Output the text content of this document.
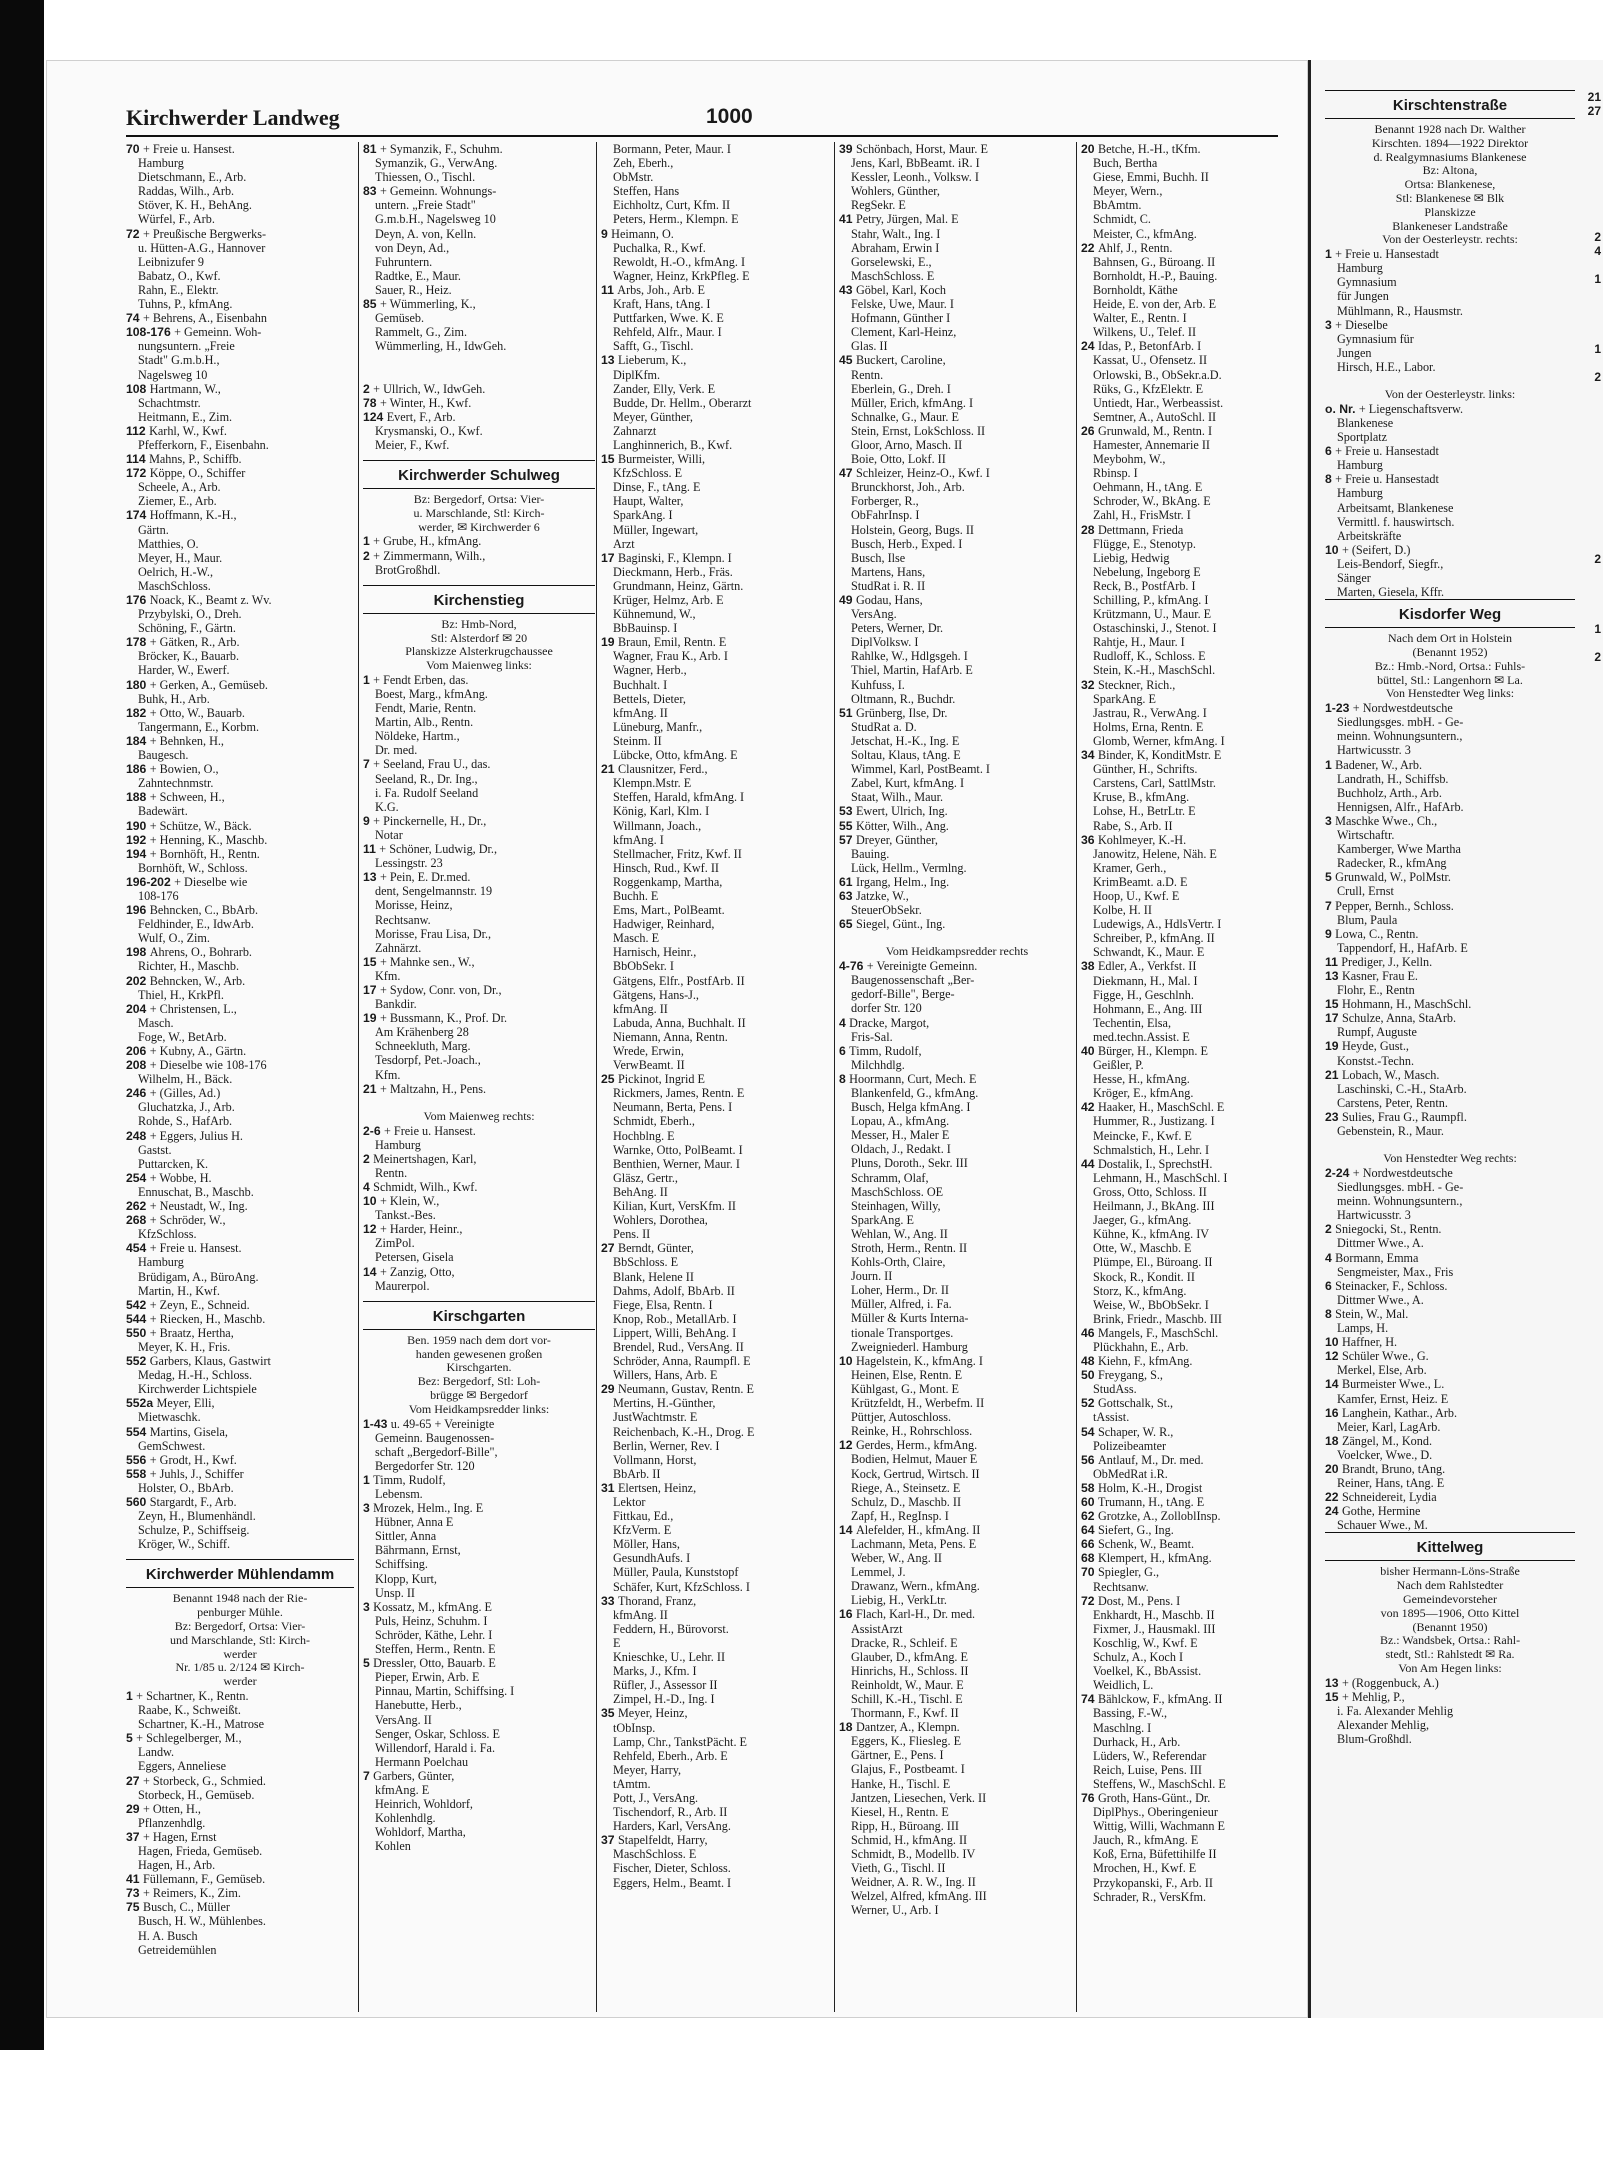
Kirchwerder Landweg	1000
70 + Freie u. Hansest.
Hamburg
Dietschmann, E., Arb.
Raddas, Wilh., Arb.
Stöver, K. H., BehAng.
Würfel, F., Arb.
72 + Preußische Bergwerks-
u. Hütten-A.G., Hannover
Leibnizufer 9
Babatz, O., Kwf.
Rahn, E., Elektr.
Tuhns, P., kfmAng.
74 + Behrens, A., Eisenbahn
108-176 + Gemeinn. Woh-
nungsuntern. „Freie
Stadt" G.m.b.H.,
Nagelsweg 10
108 Hartmann, W.,
Schachtmstr.
Heitmann, E., Zim.
112 Karhl, W., Kwf.
Pfefferkorn, F., Eisenbahn.
114 Mahns, P., Schiffb.
172 Köppe, O., Schiffer
Scheele, A., Arb.
Ziemer, E., Arb.
174 Hoffmann, K.-H.,
Gärtn.
Matthies, O.
Meyer, H., Maur.
Oelrich, H.-W.,
MaschSchloss.
176 Noack, K., Beamt z. Wv.
Przybylski, O., Dreh.
Schöning, F., Gärtn.
178 + Gätken, R., Arb.
Bröcker, K., Bauarb.
Harder, W., Ewerf.
180 + Gerken, A., Gemüseb.
Buhk, H., Arb.
182 + Otto, W., Bauarb.
Tangermann, E., Korbm.
184 + Behnken, H.,
Baugesch.
186 + Bowien, O.,
Zahntechnmstr.
188 + Schween, H.,
Badewärt.
190 + Schütze, W., Bäck.
192 + Henning, K., Maschb.
194 + Bornhöft, H., Rentn.
Bornhöft, W., Schloss.
196-202 + Dieselbe wie
108-176
196 Behncken, C., BbArb.
Feldhinder, E., IdwArb.
Wulf, O., Zim.
198 Ahrens, O., Bohrarb.
Richter, H., Maschb.
202 Behncken, W., Arb.
Thiel, H., KrkPfl.
204 + Christensen, L.,
Masch.
Foge, W., BetArb.
206 + Kubny, A., Gärtn.
208 + Dieselbe wie 108-176
Wilhelm, H., Bäck.
246 + (Gilles, Ad.)
Gluchatzka, J., Arb.
Rohde, S., HafArb.
248 + Eggers, Julius H.
Gastst.
Puttarcken, K.
254 + Wobbe, H.
Ennuschat, B., Maschb.
262 + Neustadt, W., Ing.
268 + Schröder, W.,
KfzSchloss.
454 + Freie u. Hansest.
Hamburg
Brüdigam, A., BüroAng.
Martin, H., Kwf.
542 + Zeyn, E., Schneid.
544 + Riecken, H., Maschb.
550 + Braatz, Hertha,
Meyer, K. H., Fris.
552 Garbers, Klaus, Gastwirt
Medag, H.-H., Schloss.
Kirchwerder Lichtspiele
552a Meyer, Elli,
Mietwaschk.
554 Martins, Gisela,
GemSchwest.
556 + Grodt, H., Kwf.
558 + Juhls, J., Schiffer
Holster, O., BbArb.
560 Stargardt, F., Arb.
Zeyn, H., Blumenhändl.
Schulze, P., Schiffseig.
Kröger, W., Schiff.
Kirchwerder Mühlendamm
Benannt 1948 nach der Rie-
penburger Mühle.
Bz: Bergedorf, Ortsa: Vier-
und Marschlande, Stl: Kirch-
werder
Nr. 1/85 u. 2/124 ✉ Kirch-
werder
1 + Schartner, K., Rentn.
Raabe, K., Schweißt.
Schartner, K.-H., Matrose
5 + Schlegelberger, M.,
Landw.
Eggers, Anneliese
27 + Storbeck, G., Schmied.
Storbeck, H., Gemüseb.
29 + Otten, H.,
Pflanzenhdlg.
37 + Hagen, Ernst
Hagen, Frieda, Gemüseb.
Hagen, H., Arb.
41 Füllemann, F., Gemüseb.
73 + Reimers, K., Zim.
75 Busch, C., Müller
Busch, H. W., Mühlenbes.
H. A. Busch
Getreidemühlen
81 + Symanzik, F., Schuhm.
Symanzik, G., VerwAng.
Thiessen, O., Tischl.
83 + Gemeinn. Wohnungs-
untern. „Freie Stadt"
G.m.b.H., Nagelsweg 10
Deyn, A. von, Kelln.
von Deyn, Ad.,
Fuhruntern.
Radtke, E., Maur.
Sauer, R., Heiz.
85 + Wümmerling, K.,
Gemüseb.
Rammelt, G., Zim.
Wümmerling, H., IdwGeh.

2 + Ullrich, W., IdwGeh.
78 + Winter, H., Kwf.
124 Evert, F., Arb.
Krysmanski, O., Kwf.
Meier, F., Kwf.
Kirchwerder Schulweg
Bz: Bergedorf, Ortsa: Vier-
u. Marschlande, Stl: Kirch-
werder, ✉ Kirchwerder 6
1 + Grube, H., kfmAng.
2 + Zimmermann, Wilh.,
BrotGroßhdl.
Kirchenstieg
Bz: Hmb-Nord,
Stl: Alsterdorf ✉ 20
Planskizze Alsterkrugchaussee
Vom Maienweg links:
1 + Fendt Erben, das.
Boest, Marg., kfmAng.
Fendt, Marie, Rentn.
Martin, Alb., Rentn.
Nöldeke, Hartm.,
Dr. med.
7 + Seeland, Frau U., das.
Seeland, R., Dr. Ing.,
i. Fa. Rudolf Seeland
K.G.
9 + Pinckernelle, H., Dr.,
Notar
11 + Schöner, Ludwig, Dr.,
Lessingstr. 23
13 + Pein, E. Dr.med.
dent, Sengelmannstr. 19
Morisse, Heinz,
Rechtsanw.
Morisse, Frau Lisa, Dr.,
Zahnärzt.
15 + Mahnke sen., W.,
Kfm.
17 + Sydow, Conr. von, Dr.,
Bankdir.
19 + Bussmann, K., Prof. Dr.
Am Krähenberg 28
Schneekluth, Marg.
Tesdorpf, Pet.-Joach.,
Kfm.
21 + Maltzahn, H., Pens.

Vom Maienweg rechts:
2-6 + Freie u. Hansest.
Hamburg
2 Meinertshagen, Karl,
Rentn.
4 Schmidt, Wilh., Kwf.
10 + Klein, W.,
Tankst.-Bes.
12 + Harder, Heinr.,
ZimPol.
Petersen, Gisela
14 + Zanzig, Otto,
Maurerpol.
Kirschgarten
Ben. 1959 nach dem dort vor-
handen gewesenen großen
Kirschgarten.
Bez: Bergedorf, Stl: Loh-
brügge ✉ Bergedorf
Vom Heidkampsredder links:
1-43 u. 49-65 + Vereinigte
Gemeinn. Baugenossen-
schaft „Bergedorf-Bille",
Bergedorfer Str. 120
1 Timm, Rudolf,
Lebensm.
3 Mrozek, Helm., Ing. E
Hübner, Anna E
Sittler, Anna
Bährmann, Ernst,
Schiffsing.
Klopp, Kurt,
Unsp. II
3 Kossatz, M., kfmAng. E
Puls, Heinz, Schuhm. I
Schröder, Käthe, Lehr. I
Steffen, Herm., Rentn. E
5 Dressler, Otto, Bauarb. E
Pieper, Erwin, Arb. E
Pinnau, Martin, Schiffsing. I
Hanebutte, Herb.,
VersAng. II
Senger, Oskar, Schloss. E
Willendorf, Harald i. Fa.
Hermann Poelchau
7 Garbers, Günter,
kfmAng. E
Heinrich, Wohldorf,
Kohlenhdlg.
Wohldorf, Martha,
Kohlen
Bormann, Peter, Maur. I
Zeh, Eberh.,
ObMstr.
Steffen, Hans
Eichholtz, Curt, Kfm. II
Peters, Herm., Klempn. E
9 Heimann, O.
Puchalka, R., Kwf.
Rewoldt, H.-O., kfmAng. I
Wagner, Heinz, KrkPfleg. E
11 Arbs, Joh., Arb. E
Kraft, Hans, tAng. I
Puttfarken, Wwe. K. E
Rehfeld, Alfr., Maur. I
Safft, G., Tischl.
13 Lieberum, K.,
DiplKfm.
Zander, Elly, Verk. E
Budde, Dr. Hellm., Oberarzt
Meyer, Günther,
Zahnarzt
Langhinnerich, B., Kwf.
15 Burmeister, Willi,
KfzSchloss. E
Dinse, F., tAng. E
Haupt, Walter,
SparkAng. I
Müller, Ingewart,
Arzt
17 Baginski, F., Klempn. I
Dieckmann, Herb., Fräs.
Grundmann, Heinz, Gärtn.
Krüger, Helmz, Arb. E
Kühnemund, W.,
BbBauinsp. I
19 Braun, Emil, Rentn. E
Wagner, Frau K., Arb. I
Wagner, Herb.,
Buchhalt. I
Bettels, Dieter,
kfmAng. II
Lüneburg, Manfr.,
Steinm. II
Lübcke, Otto, kfmAng. E
21 Clausnitzer, Ferd.,
Klempn.Mstr. E
Steffen, Harald, kfmAng. I
König, Karl, Klm. I
Willmann, Joach.,
kfmAng. I
Stellmacher, Fritz, Kwf. II
Hinsch, Rud., Kwf. II
Roggenkamp, Martha,
Buchh. E
Ems, Mart., PolBeamt.
Hadwiger, Reinhard,
Masch. E
Harnisch, Heinr.,
BbObSekr. I
Gätgens, Elfr., PostfArb. II
Gätgens, Hans-J.,
kfmAng. II
Labuda, Anna, Buchhalt. II
Niemann, Anna, Rentn.
Wrede, Erwin,
VerwBeamt. II
25 Pickinot, Ingrid E
Rickmers, James, Rentn. E
Neumann, Berta, Pens. I
Schmidt, Eberh.,
Hochblng. E
Warnke, Otto, PolBeamt. I
Benthien, Werner, Maur. I
Gläsz, Gertr.,
BehAng. II
Kilian, Kurt, VersKfm. II
Wohlers, Dorothea,
Pens. II
27 Berndt, Günter,
BbSchloss. E
Blank, Helene II
Dahms, Adolf, BbArb. II
Fiege, Elsa, Rentn. I
Knop, Rob., MetallArb. I
Lippert, Willi, BehAng. I
Brendel, Rud., VersAng. II
Schröder, Anna, Raumpfl. E
Willers, Hans, Arb. E
29 Neumann, Gustav, Rentn. E
Mertins, H.-Günther,
JustWachtmstr. E
Reichenbach, K.-H., Drog. E
Berlin, Werner, Rev. I
Vollmann, Horst,
BbArb. II
31 Elertsen, Heinz,
Lektor
Fittkau, Ed.,
KfzVerm. E
Möller, Hans,
GesundhAufs. I
Müller, Paula, Kunststopf
Schäfer, Kurt, KfzSchloss. I
33 Thorand, Franz,
kfmAng. II
Feddern, H., Bürovorst.
E
Knieschke, U., Lehr. II
Marks, J., Kfm. I
Rüfler, J., Assessor II
Zimpel, H.-D., Ing. I
35 Meyer, Heinz,
tObInsp.
Lamp, Chr., TankstPächt. E
Rehfeld, Eberh., Arb. E
Meyer, Harry,
tAmtm.
Pott, J., VersAng.
Tischendorf, R., Arb. II
Harders, Karl, VersAng.
37 Stapelfeldt, Harry,
MaschSchloss. E
Fischer, Dieter, Schloss.
Eggers, Helm., Beamt. I
39 Schönbach, Horst, Maur. E
Jens, Karl, BbBeamt. iR. I
Kessler, Leonh., Volksw. I
Wohlers, Günther,
RegSekr. E
41 Petry, Jürgen, Mal. E
Stahr, Walt., Ing. I
Abraham, Erwin I
Gorselewski, E.,
MaschSchloss. E
43 Göbel, Karl, Koch
Felske, Uwe, Maur. I
Hofmann, Günther I
Clement, Karl-Heinz,
Glas. II
45 Buckert, Caroline,
Rentn.
Eberlein, G., Dreh. I
Müller, Erich, kfmAng. I
Schnalke, G., Maur. E
Stein, Ernst, LokSchloss. II
Gloor, Arno, Masch. II
Boie, Otto, Lokf. II
47 Schleizer, Heinz-O., Kwf. I
Brunckhorst, Joh., Arb.
Forberger, R.,
ObFahrInsp. I
Holstein, Georg, Bugs. II
Busch, Herb., Exped. I
Busch, Ilse
Martens, Hans,
StudRat i. R. II
49 Godau, Hans,
VersAng.
Peters, Werner, Dr.
DiplVolksw. I
Rahlke, W., Hdlgsgeh. I
Thiel, Martin, HafArb. E
Kuhfuss, I.
Oltmann, R., Buchdr.
51 Grünberg, Ilse, Dr.
StudRat a. D.
Jetschat, H.-K., Ing. E
Soltau, Klaus, tAng. E
Wimmel, Karl, PostBeamt. I
Zabel, Kurt, kfmAng. I
Staat, Wilh., Maur.
53 Ewert, Ulrich, Ing.
55 Kötter, Wilh., Ang.
57 Dreyer, Günther,
Bauing.
Lück, Hellm., Vermlng.
61 Irgang, Helm., Ing.
63 Jatzke, W.,
SteuerObSekr.
65 Siegel, Günt., Ing.

Vom Heidkampsredder rechts
4-76 + Vereinigte Gemeinn.
Baugenossenschaft „Ber-
gedorf-Bille", Berge-
dorfer Str. 120
4 Dracke, Margot,
Fris-Sal.
6 Timm, Rudolf,
Milchhdlg.
8 Hoormann, Curt, Mech. E
Blankenfeld, G., kfmAng.
Busch, Helga kfmAng. I
Lopau, A., kfmAng.
Messer, H., Maler E
Oldach, J., Redakt. I
Pluns, Doroth., Sekr. III
Schramm, Olaf,
MaschSchloss. OE
Steinhagen, Willy,
SparkAng. E
Wehlan, W., Ang. II
Stroth, Herm., Rentn. II
Kohls-Orth, Claire,
Journ. II
Loher, Herm., Dr. II
Müller, Alfred, i. Fa.
Müller & Kurts Interna-
tionale Transportges.
Zweigniederl. Hamburg
10 Hagelstein, K., kfmAng. I
Heinen, Else, Rentn. E
Kühlgast, G., Mont. E
Krützfeldt, H., Werbefm. II
Püttjer, Autoschloss.
Reinke, H., Rohrschloss.
12 Gerdes, Herm., kfmAng.
Bodien, Helmut, Mauer E
Kock, Gertrud, Wirtsch. II
Riege, A., Steinsetz. E
Schulz, D., Maschb. II
Zapf, H., RegInsp. I
14 Alefelder, H., kfmAng. II
Lachmann, Meta, Pens. E
Weber, W., Ang. II
Lemmel, J.
Drawanz, Wern., kfmAng.
Liebig, H., VerkLtr.
16 Flach, Karl-H., Dr. med.
AssistArzt
Dracke, R., Schleif. E
Glauber, D., kfmAng. E
Hinrichs, H., Schloss. II
Reinholdt, W., Maur. E
Schill, K.-H., Tischl. E
Thormann, F., Kwf. II
18 Dantzer, A., Klempn.
Eggers, K., Fliesleg. E
Gärtner, E., Pens. I
Glajus, F., Postbeamt. I
Hanke, H., Tischl. E
Jantzen, Liesechen, Verk. II
Kiesel, H., Rentn. E
Ripp, H., Büroang. III
Schmid, H., kfmAng. II
Schmidt, B., Modellb. IV
Vieth, G., Tischl. II
Weidner, A. R. W., Ing. II
Welzel, Alfred, kfmAng. III
Werner, U., Arb. I
20 Betche, H.-H., tKfm.
Buch, Bertha
Giese, Emmi, Buchh. II
Meyer, Wern.,
BbAmtm.
Schmidt, C.
Meister, C., kfmAng.
22 Ahlf, J., Rentn.
Bahnsen, G., Büroang. II
Bornholdt, H.-P., Bauing.
Bornholdt, Käthe
Heide, E. von der, Arb. E
Walter, E., Rentn. I
Wilkens, U., Telef. II
24 Idas, P., BetonfArb. I
Kassat, U., Ofensetz. II
Orlowski, B., ObSekr.a.D.
Rüks, G., KfzElektr. E
Untiedt, Har., Werbeassist.
Semtner, A., AutoSchl. II
26 Grunwald, M., Rentn. I
Hamester, Annemarie II
Meybohm, W.,
Rbinsp. I
Oehmann, H., tAng. E
Schroder, W., BkAng. E
Zahl, H., FrisMstr. I
28 Dettmann, Frieda
Flügge, E., Stenotyp.
Liebig, Hedwig
Nebelung, Ingeborg E
Reck, B., PostfArb. I
Schilling, P., kfmAng. I
Krützmann, U., Maur. E
Ostaschinski, J., Stenot. I
Rahtje, H., Maur. I
Rudloff, K., Schloss. E
Stein, K.-H., MaschSchl.
32 Steckner, Rich.,
SparkAng. E
Jastrau, R., VerwAng. I
Holms, Erna, Rentn. E
Glomb, Werner, kfmAng. I
34 Binder, K, KonditMstr. E
Günther, H., Schrifts.
Carstens, Carl, SattlMstr.
Kruse, B., kfmAng.
Lohse, H., BetrLtr. E
Rabe, S., Arb. II
36 Kohlmeyer, K.-H.
Janowitz, Helene, Näh. E
Kramer, Gerh.,
KrimBeamt. a.D. E
Hoop, U., Kwf. E
Kolbe, H. II
Ludewigs, A., HdlsVertr. I
Schreiber, P., kfmAng. II
Schwandt, K., Maur. E
38 Edler, A., Verkfst. II
Diekmann, H., Mal. I
Figge, H., Geschlnh.
Hohmann, E., Ang. III
Techentin, Elsa,
med.techn.Assist. E
40 Bürger, H., Klempn. E
Geißler, P.
Hesse, H., kfmAng.
Kröger, E., kfmAng.
42 Haaker, H., MaschSchl. E
Hummer, R., Justizang. I
Meincke, F., Kwf. E
Schmalstich, H., Lehr. I
44 Dostalik, I., SprechstH.
Lehmann, H., MaschSchl. I
Gross, Otto, Schloss. II
Heilmann, J., BkAng. III
Jaeger, G., kfmAng.
Kühne, K., kfmAng. IV
Otte, W., Maschb. E
Plümpe, El., Büroang. II
Skock, R., Kondit. II
Storz, K., kfmAng.
Weise, W., BbObSekr. I
Brink, Friedr., Maschb. III
46 Mangels, F., MaschSchl.
Plückhahn, E., Arb.
48 Kiehn, F., kfmAng.
50 Freygang, S.,
StudAss.
52 Gottschalk, St.,
tAssist.
54 Schaper, W. R.,
Polizeibeamter
56 Antlauf, M., Dr. med.
ObMedRat i.R.
58 Holm, K.-H., Drogist
60 Trumann, H., tAng. E
62 Grotzke, A., ZolloblInsp.
64 Siefert, G., Ing.
66 Schenk, W., Beamt.
68 Klempert, H., kfmAng.
70 Spiegler, G.,
Rechtsanw.
72 Dost, M., Pens. I
Enkhardt, H., Maschb. II
Fixmer, J., Hausmakl. III
Koschlig, W., Kwf. E
Schulz, A., Koch I
Voelkel, K., BbAssist.
Weidlich, L.
74 Bählckow, F., kfmAng. II
Bassing, F.-W.,
Maschlng. I
Durhack, H., Arb.
Lüders, W., Referendar
Reich, Luise, Pens. III
Steffens, W., MaschSchl. E
76 Groth, Hans-Günt., Dr.
DiplPhys., Oberingenieur
Wittig, Willi, Wachmann E
Jauch, R., kfmAng. E
Koß, Erna, Büfettihilfe II
Mrochen, H., Kwf. E
Przykopanski, F., Arb. II
Schrader, R., VersKfm.
Kirschtenstraße
Benannt 1928 nach Dr. Walther
Kirschten. 1894—1922 Direktor
d. Realgymnasiums Blankenese
Bz: Altona,
Ortsa: Blankenese,
Stl: Blankenese ✉ Blk
Planskizze
Blankeneser Landstraße
Von der Oesterleystr. rechts:
1 + Freie u. Hansestadt
Hamburg
Gymnasium
für Jungen
Mühlmann, R., Hausmstr.
3 + Dieselbe
Gymnasium für
Jungen
Hirsch, H.E., Labor.

Von der Oesterleystr. links:
o. Nr. + Liegenschaftsverw.
Blankenese
Sportplatz
6 + Freie u. Hansestadt
Hamburg
8 + Freie u. Hansestadt
Hamburg
Arbeitsamt, Blankenese
Vermittl. f. hauswirtsch.
Arbeitskräfte
10 + (Seifert, D.)
Leis-Bendorf, Siegfr.,
Sänger
Marten, Giesela, Kffr.
Kisdorfer Weg
Nach dem Ort in Holstein
(Benannt 1952)
Bz.: Hmb.-Nord, Ortsa.: Fuhls-
büttel, Stl.: Langenhorn ✉ La.
Von Henstedter Weg links:
1-23 + Nordwestdeutsche
Siedlungsges. mbH. - Ge-
meinn. Wohnungsuntern.,
Hartwicusstr. 3
1 Badener, W., Arb.
Landrath, H., Schiffsb.
Buchholz, Arth., Arb.
Hennigsen, Alfr., HafArb.
3 Maschke Wwe., Ch.,
Wirtschaftr.
Kamberger, Wwe Martha
Radecker, R., kfmAng
5 Grunwald, W., PolMstr.
Crull, Ernst
7 Pepper, Bernh., Schloss.
Blum, Paula
9 Lowa, C., Rentn.
Tappendorf, H., HafArb. E
11 Prediger, J., Kelln.
13 Kasner, Frau E.
Flohr, E., Rentn
15 Hohmann, H., MaschSchl.
17 Schulze, Anna, StaArb.
Rumpf, Auguste
19 Heyde, Gust.,
Konstst.-Techn.
21 Lobach, W., Masch.
Laschinski, C.-H., StaArb.
Carstens, Peter, Rentn.
23 Sulies, Frau G., Raumpfl.
Gebenstein, R., Maur.

Von Henstedter Weg rechts:
2-24 + Nordwestdeutsche
Siedlungsges. mbH. - Ge-
meinn. Wohnungsuntern.,
Hartwicusstr. 3
2 Sniegocki, St., Rentn.
Dittmer Wwe., A.
4 Bormann, Emma
Sengmeister, Max., Fris
6 Steinacker, F., Schloss.
Dittmer Wwe., A.
8 Stein, W., Mal.
Lamps, H.
10 Haffner, H.
12 Schüler Wwe., G.
Merkel, Else, Arb.
14 Burmeister Wwe., L.
Kamfer, Ernst, Heiz. E
16 Langhein, Kathar., Arb.
Meier, Karl, LagArb.
18 Zängel, M., Kond.
Voelcker, Wwe., D.
20 Brandt, Bruno, tAng.
Reiner, Hans, tAng. E
22 Schneidereit, Lydia
24 Gothe, Hermine
Schauer Wwe., M.
Kittelweg
bisher Hermann-Löns-Straße
Nach dem Rahlstedter
Gemeindevorsteher
von 1895—1906, Otto Kittel
(Benannt 1950)
Bz.: Wandsbek, Ortsa.: Rahl-
stedt, Stl.: Rahlstedt ✉ Ra.
Von Am Hegen links:
13 + (Roggenbuck, A.)
15 + Mehlig, P.,
i. Fa. Alexander Mehlig
Alexander Mehlig,
Blum-Großhdl.
21
27

2
4

1

1

2

2

1

2
